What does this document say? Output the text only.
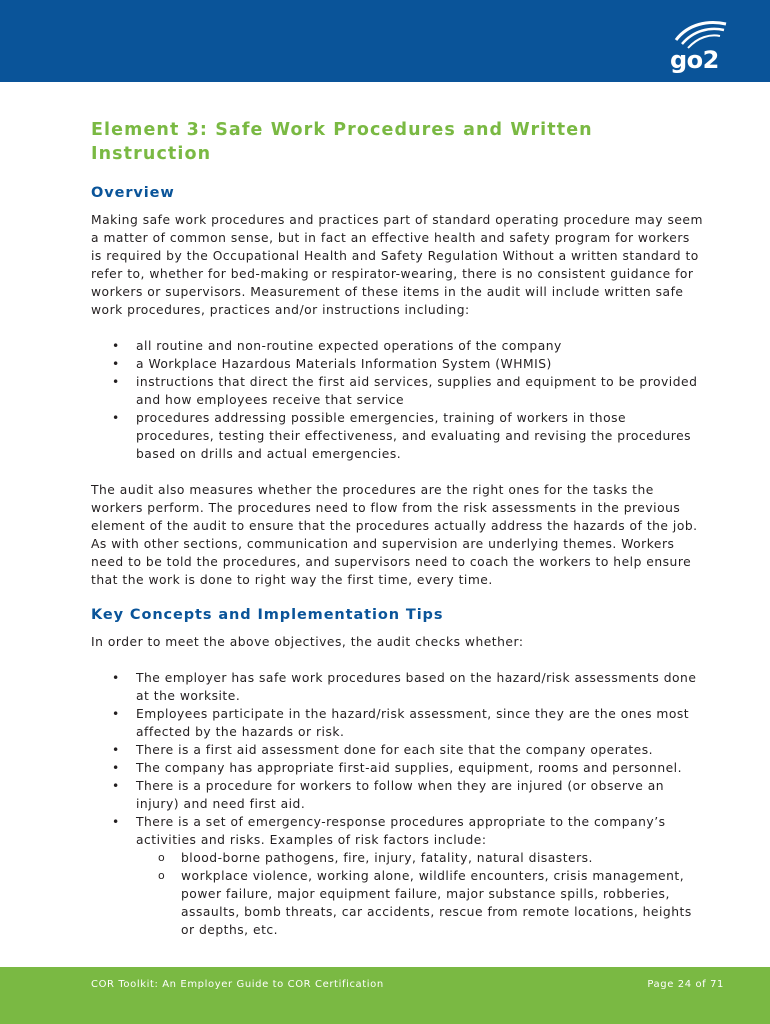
go2
Element 3: Safe Work Procedures and Written Instruction
Overview

Making safe work procedures and practices part of standard operating procedure may seem a matter of common sense, but in fact an effective health and safety program for workers is required by the Occupational Health and Safety Regulation Without a written standard to refer to, whether for bed-making or respirator-wearing, there is no consistent guidance for workers or supervisors. Measurement of these items in the audit will include written safe work procedures, practices and/or instructions including:

• all routine and non-routine expected operations of the company
• a Workplace Hazardous Materials Information System (WHMIS)
• instructions that direct the first aid services, supplies and equipment to be provided and how employees receive that service
• procedures addressing possible emergencies, training of workers in those procedures, testing their effectiveness, and evaluating and revising the procedures based on drills and actual emergencies.

The audit also measures whether the procedures are the right ones for the tasks the workers perform. The procedures need to flow from the risk assessments in the previous element of the audit to ensure that the procedures actually address the hazards of the job. As with other sections, communication and supervision are underlying themes. Workers need to be told the procedures, and supervisors need to coach the workers to help ensure that the work is done to right way the first time, every time.

Key Concepts and Implementation Tips

In order to meet the above objectives, the audit checks whether:

• The employer has safe work procedures based on the hazard/risk assessments done at the worksite.
• Employees participate in the hazard/risk assessment, since they are the ones most affected by the hazards or risk.
• There is a first aid assessment done for each site that the company operates.
• The company has appropriate first-aid supplies, equipment, rooms and personnel.
• There is a procedure for workers to follow when they are injured (or observe an injury) and need first aid.
• There is a set of emergency-response procedures appropriate to the company’s activities and risks. Examples of risk factors include:
o blood-borne pathogens, fire, injury, fatality, natural disasters.
o workplace violence, working alone, wildlife encounters, crisis management, power failure, major equipment failure, major substance spills, robberies, assaults, bomb threats, car accidents, rescue from remote locations, heights or depths, etc.
COR Toolkit: An Employer Guide to COR Certification	Page 24 of 71
